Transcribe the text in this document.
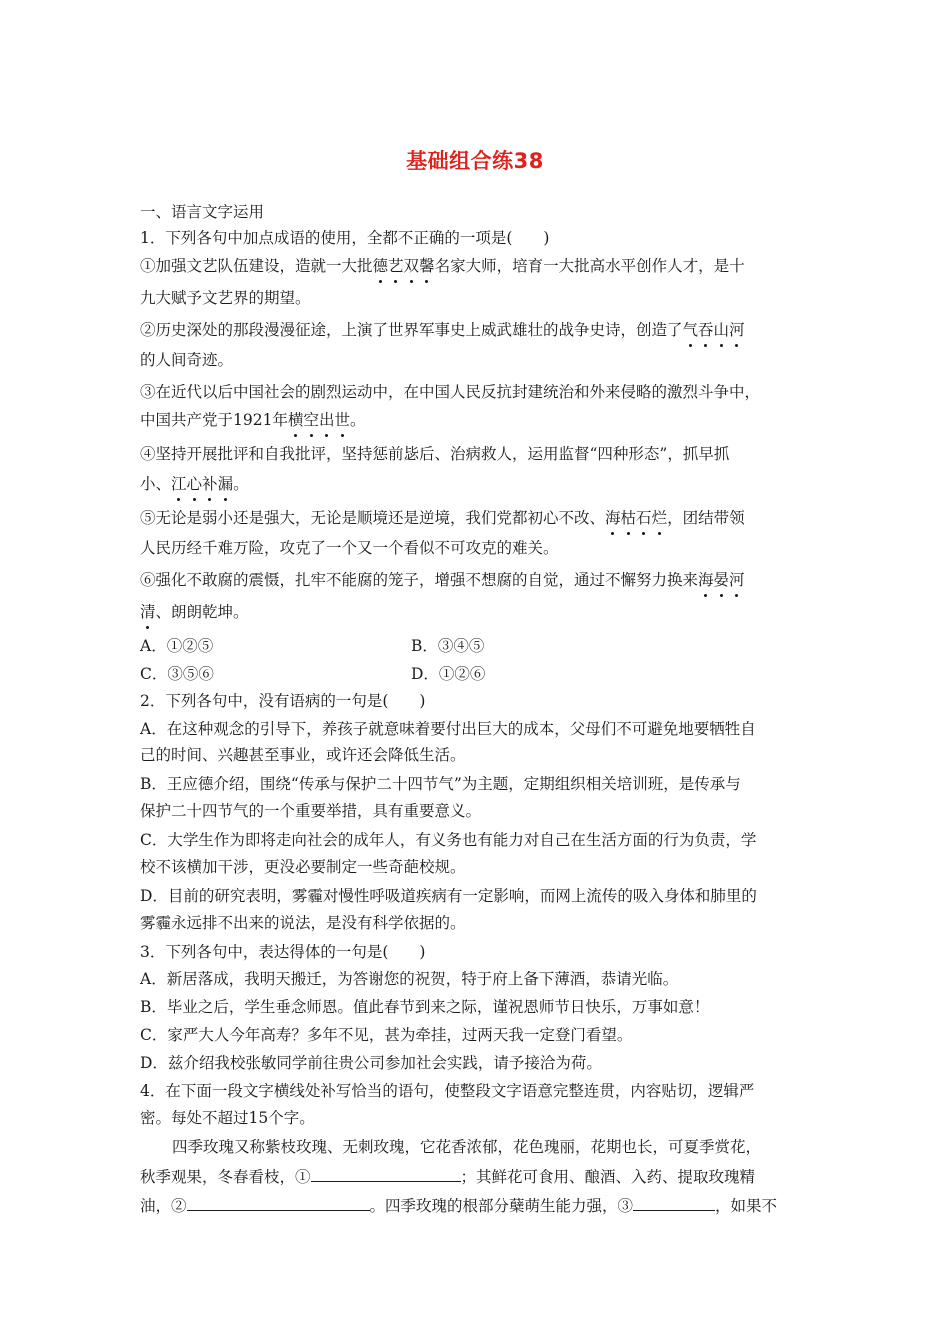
基础组合练38
一、语言文字运用
1．下列各句中加点成语的使用，全都不正确的一项是(　　)
①加强文艺队伍建设，造就一大批德艺双馨名家大师，培育一大批高水平创作人才，是十
九大赋予文艺界的期望。
②历史深处的那段漫漫征途，上演了世界军事史上威武雄壮的战争史诗，创造了气吞山河
的人间奇迹。
③在近代以后中国社会的剧烈运动中，在中国人民反抗封建统治和外来侵略的激烈斗争中，
中国共产党于1921年横空出世。
④坚持开展批评和自我批评，坚持惩前毖后、治病救人，运用监督“四种形态”，抓早抓
小、江心补漏。
⑤无论是弱小还是强大，无论是顺境还是逆境，我们党都初心不改、海枯石烂，团结带领
人民历经千难万险，攻克了一个又一个看似不可攻克的难关。
⑥强化不敢腐的震慑，扎牢不能腐的笼子，增强不想腐的自觉，通过不懈努力换来海晏河
清、朗朗乾坤。
A．①②⑤	B．③④⑤
C．③⑤⑥	D．①②⑥
2．下列各句中，没有语病的一句是(　　)
A．在这种观念的引导下，养孩子就意味着要付出巨大的成本，父母们不可避免地要牺牲自
己的时间、兴趣甚至事业，或许还会降低生活。
B．王应德介绍，围绕“传承与保护二十四节气”为主题，定期组织相关培训班，是传承与
保护二十四节气的一个重要举措，具有重要意义。
C．大学生作为即将走向社会的成年人，有义务也有能力对自己在生活方面的行为负责，学
校不该横加干涉，更没必要制定一些奇葩校规。
D．目前的研究表明，雾霾对慢性呼吸道疾病有一定影响，而网上流传的吸入身体和肺里的
雾霾永远排不出来的说法，是没有科学依据的。
3．下列各句中，表达得体的一句是(　　)
A．新居落成，我明天搬迁，为答谢您的祝贺，特于府上备下薄酒，恭请光临。
B．毕业之后，学生垂念师恩。值此春节到来之际，谨祝恩师节日快乐，万事如意！
C．家严大人今年高寿？多年不见，甚为牵挂，过两天我一定登门看望。
D．兹介绍我校张敏同学前往贵公司参加社会实践，请予接洽为荷。
4．在下面一段文字横线处补写恰当的语句，使整段文字语意完整连贯，内容贴切，逻辑严
密。每处不超过15个字。
四季玫瑰又称紫枝玫瑰、无刺玫瑰，它花香浓郁，花色瑰丽，花期也长，可夏季赏花，
秋季观果，冬春看枝，①	；其鲜花可食用、酿酒、入药、提取玫瑰精
油，②	。四季玫瑰的根部分蘖萌生能力强，③	，如果不
